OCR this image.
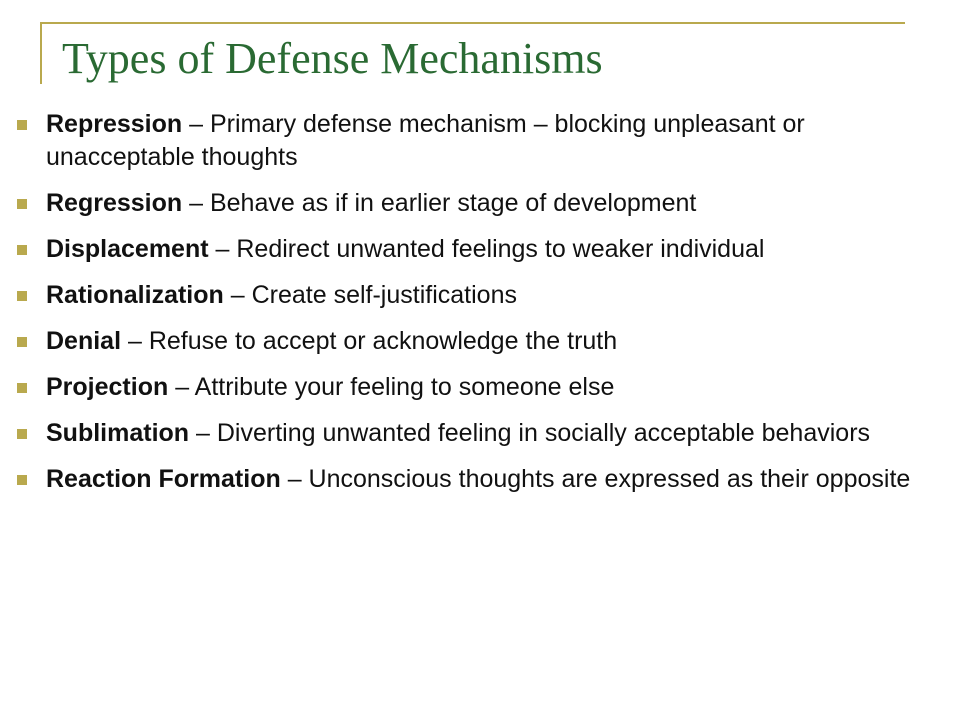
Types of Defense Mechanisms
Repression – Primary defense mechanism – blocking unpleasant or unacceptable thoughts
Regression – Behave as if in earlier stage of development
Displacement – Redirect unwanted feelings to weaker individual
Rationalization – Create self-justifications
Denial – Refuse to accept or acknowledge the truth
Projection – Attribute your feeling to someone else
Sublimation – Diverting unwanted feeling in socially acceptable behaviors
Reaction Formation – Unconscious thoughts are expressed as their opposite
